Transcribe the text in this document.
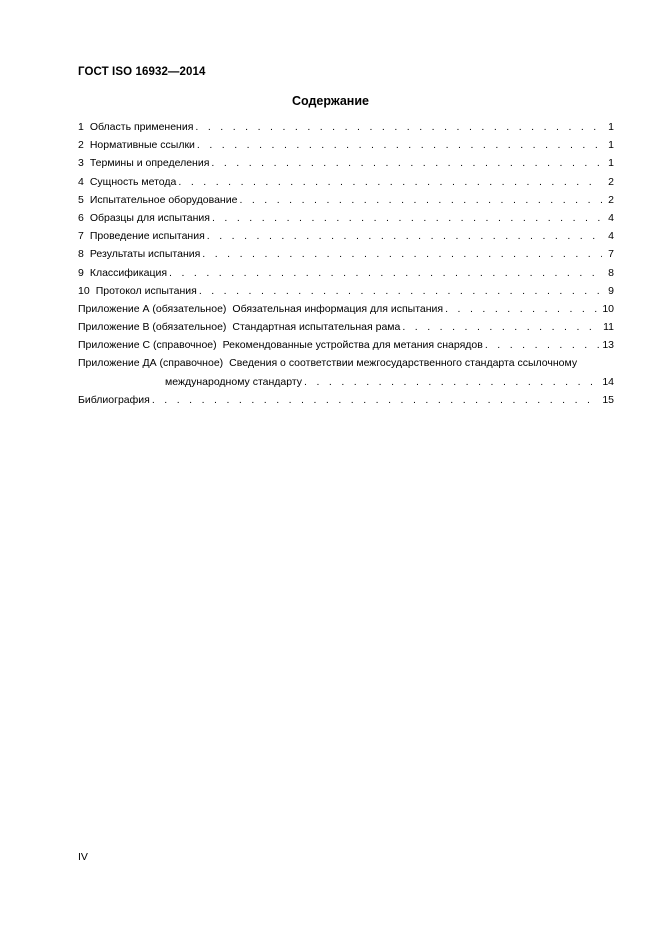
ГОСТ ISO 16932—2014
Содержание
1 Область применения . . .	1
2 Нормативные ссылки . . .	1
3 Термины и определения . . .	1
4 Сущность метода . . .	2
5 Испытательное оборудование . . .	2
6 Образцы для испытания . . .	4
7 Проведение испытания . . .	4
8 Результаты испытания . . .	7
9 Классификация . . .	8
10 Протокол испытания . . .	9
Приложение А (обязательное) Обязательная информация для испытания . . .	10
Приложение В (обязательное) Стандартная испытательная рама . . .	11
Приложение С (справочное) Рекомендованные устройства для метания снарядов . . .	13
Приложение ДА (справочное) Сведения о соответствии межгосударственного стандарта ссылочному
международному стандарту . . .	14
Библиография . . .	15
IV
